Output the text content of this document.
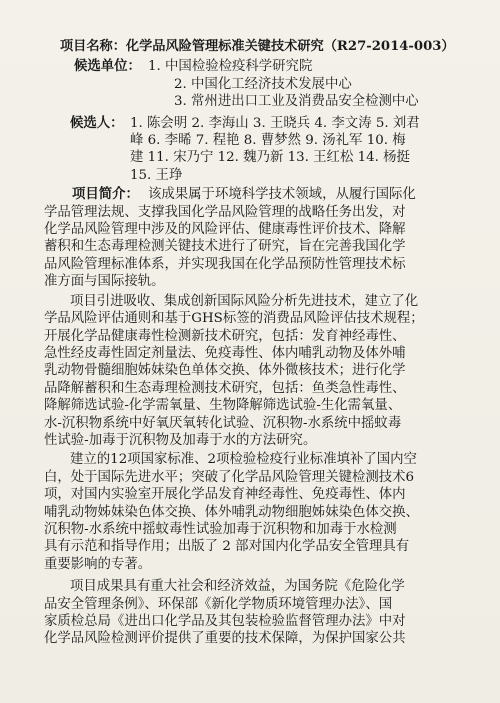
项目名称：化学品风险管理标准关键技术研究（R27-2014-003）
候选单位： 1. 中国检验检疫科学研究院
2. 中国化工经济技术发展中心
3. 常州进出口工业及消费品安全检测中心
候选人： 1. 陈会明 2. 李海山 3. 王晓兵 4. 李文涛 5. 刘君
峰 6. 李晞 7. 程艳 8. 曹梦然 9. 汤礼军 10. 梅
建 11. 宋乃宁 12. 魏乃新 13. 王红松 14. 杨挺
15. 王琤
项目简介： 该成果属于环境科学技术领域，从履行国际化
学品管理法规、支撑我国化学品风险管理的战略任务出发，对
化学品风险管理中涉及的风险评估、健康毒性评价技术、降解
蓄积和生态毒理检测关键技术进行了研究，旨在完善我国化学
品风险管理标准体系，并实现我国在化学品预防性管理技术标
准方面与国际接轨。
项目引进吸收、集成创新国际风险分析先进技术，建立了化
学品风险评估通则和基于GHS标签的消费品风险评估技术规程；
开展化学品健康毒性检测新技术研究，包括：发育神经毒性、
急性经皮毒性固定剂量法、免疫毒性、体内哺乳动物及体外哺
乳动物骨髓细胞姊妹染色单体交换、体外微核技术；进行化学
品降解蓄积和生态毒理检测技术研究，包括：鱼类急性毒性、
降解筛选试验-化学需氧量、生物降解筛选试验-生化需氧量、
水-沉积物系统中好氧厌氧转化试验、沉积物-水系统中摇蚊毒
性试验-加毒于沉积物及加毒于水的方法研究。
建立的12项国家标准、2项检验检疫行业标准填补了国内空
白，处于国际先进水平；突破了化学品风险管理关键检测技术6
项，对国内实验室开展化学品发育神经毒性、免疫毒性、体内
哺乳动物姊妹染色体交换、体外哺乳动物细胞姊妹染色体交换、
沉积物-水系统中摇蚊毒性试验加毒于沉积物和加毒于水检测
具有示范和指导作用；出版了 2 部对国内化学品安全管理具有
重要影响的专著。
项目成果具有重大社会和经济效益，为国务院《危险化学
品安全管理条例》、环保部《新化学物质环境管理办法》、国
家质检总局《进出口化学品及其包装检验监督管理办法》中对
化学品风险检测评价提供了重要的技术保障，为保护国家公共
